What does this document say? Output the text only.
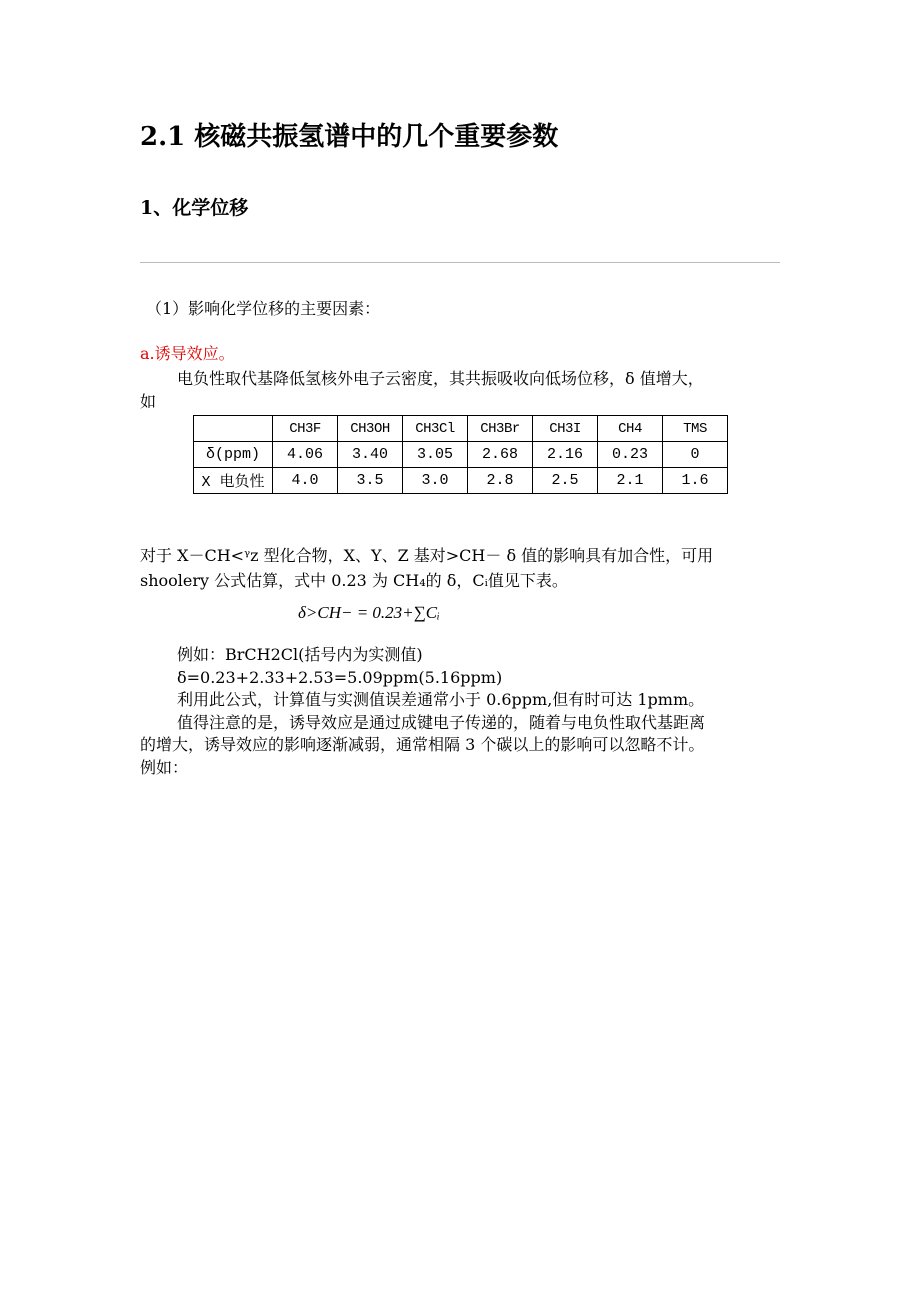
2.1 核磁共振氢谱中的几个重要参数
1、化学位移
（1）影响化学位移的主要因素：
a.诱导效应。
电负性取代基降低氢核外电子云密度，其共振吸收向低场位移，δ 值增大，
如
	CH3F	CH3OH	CH3Cl	CH3Br	CH3I	CH4	TMS
δ(ppm)	4.06	3.40	3.05	2.68	2.16	0.23	0
X 电负性	4.0	3.5	3.0	2.8	2.5	2.1	1.6
对于 X－CH<ᵞz 型化合物，X、Y、Z 基对>CH－ δ 值的影响具有加合性，可用
shoolery 公式估算，式中 0.23 为 CH₄的 δ，Cᵢ值见下表。
δ>CH− = 0.23+∑Cᵢ
例如：BrCH2Cl(括号内为实测值)
δ=0.23+2.33+2.53=5.09ppm(5.16ppm)
利用此公式，计算值与实测值误差通常小于 0.6ppm,但有时可达 1pmm。
值得注意的是，诱导效应是通过成键电子传递的，随着与电负性取代基距离
的增大，诱导效应的影响逐渐减弱，通常相隔 3 个碳以上的影响可以忽略不计。
例如：
